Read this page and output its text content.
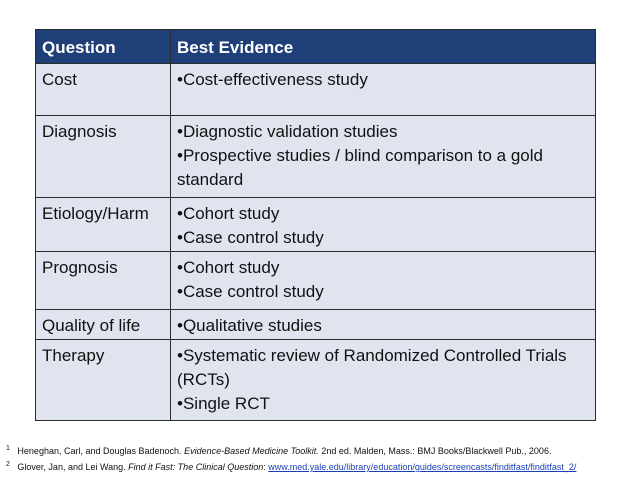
Question	Best Evidence
Cost	•Cost-effectiveness study

Diagnosis	•Diagnostic validation studies
•Prospective studies / blind comparison to a gold standard

Etiology/Harm	•Cohort study
•Case control study

Prognosis	•Cohort study
•Case control study

Quality of life	•Qualitative studies

Therapy	•Systematic review of Randomized Controlled Trials (RCTs)
•Single RCT
$^1$ Heneghan, Carl, and Douglas Badenoch. Evidence-Based Medicine Toolkit. 2nd ed. Malden, Mass.: BMJ Books/Blackwell Pub., 2006.
$^2$ Glover, Jan, and Lei Wang. Find it Fast: The Clinical Question: www.med.yale.edu/library/education/guides/screencasts/finditfast/finditfast_2/
